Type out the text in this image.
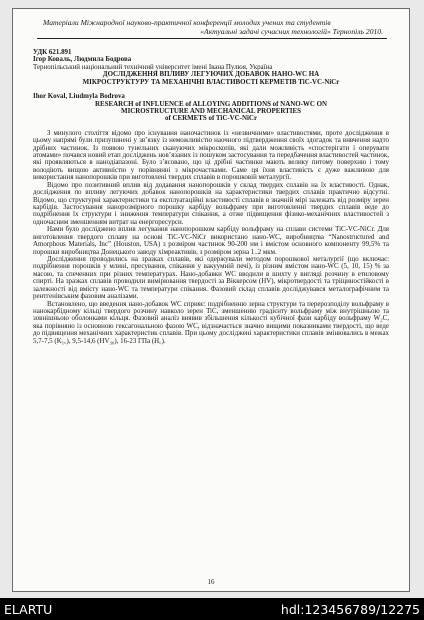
Матеріали Міжнародної науково-практичної конференції молодих учених та студентів
«Актуальні задачі сучасних технологій» Тернопіль 2010.
УДК 621.891
Ігор Коваль, Людмила Бодрова
Тернопільський національний технічний університет імені Івана Пулюя, Україна
ДОСЛІДЖЕННЯ ВПЛИВУ ЛЕГУЮЧИХ ДОБАВОК НАНО-WC НА
МІКРОСТРУКТУРУ ТА МЕХАНІЧНІ ВЛАСТИВОСТІ КЕРМЕТІВ TiC-VC-NiCr
Ihor Koval, Liudmyla Bodrova
RESEARCH of INFLUENCE of ALLOYING ADDITIONS of NANO-WC ON
MICROSTRUCTURE AND MECHANICAL PROPERTIES
of CERMETS of TiC-VC-NiCr

З минулого століття відомо про існування наночастинок із «незвичними» властивостями, проте дослідження в цьому напрямі були призупинені у зв’язку із неможливістю наочного підтвердження своїх здогадок та вивчення надто дрібних частинок. Із появою тунельних скануючих мікроскопів, які дали можливість «спостерігати і оперувати атомами» почався новий етап досліджень нов’язаних із пошуком застосування та передбачення властивостей частинок, які проявляються в нанодіапазоні. Було з’ясовано, що ці дрібні частинки мають велику питому поверхню і тому володіють вищою активністю у порівнянні з мікрочастками. Саме ця їхня властивість є дуже важливою для використання нанопорошків при виготовлені твердих сплавів в порошковій металургії.

Відомо про позитивний вплив від додавання нанопорошків у склад твердих сплавів на їх властивості. Однак, дослідження по впливу легуючих добавок нанопорошків на характеристики твердих сплавів практично відсутні. Відомо, що структурні характеристики та експлуатаційні властивості сплавів в значній мірі залежать від розміру зерен карбідів. Застосування нанорозмірного порошку карбіду вольфраму при виготовленні твердих сплавів веде до подрібнення їх структури і зниження температури спікання, а отже підвищення фізико-механічних властивостей з одночасним зменшенням витрат на енергоресурси.

Нами було досліджено вплив легування нанопорошком карбіду вольфраму на сплави системи TiC-VC-NiCr. Для виготовлення твердого сплаву на основі TiC-VC-NiCr використано нано-WC, виробництва “Nanostructured and Amorphous Materials, Inc” (Houston, USA) з розміром частинок 90-200 нм і вмістом основного компоненту 99,5% та порошки виробництва Донецького заводу хімреактивів, з розміром зерна 1..2 мкм.

Дослідження проводились на зразках сплавів, які одержували методом порошкової металургії (що включає: подрібнення порошків у млині, пресування, спікання у вакуумній печі), із різним вмістом нано-WC (5, 10, 15) % за масою, та спеченних при різних температурах. Нано-добавки WC вводили в шихту у вигляді розчину в етиловому спирті. На зразках сплавів проводили вимірювання твердості за Віккерсом (HV), мікротвердості та тріщиностійкості в залежності від вмісту нано-WC та температури спікання. Фазовий склад сплавів досліджувався металографічним та рентгенівським фазовим аналізами.

Встановлено, що введення нано-добавок WC сприяє: подрібненню зерна структури та перерозподілу вольфраму в нанокарбідному кільці твердого розчину навколо зерен TiC, зменшенню градієнту вольфраму між внутрішньою та зовнішньою оболонками кільця. Фазовий аналіз виявив збільшення кількості кубічної фази карбіду вольфраму W₂C, яка порівняно із основною гексагональною фазою WC, відзначається значно вищими показниками твердості, що веде до підвищення механічних характеристик сплавів. При цьому досліджені характеристики сплавів змінювались в межах 5,7-7,5 (K₁꜀), 9,5-14,6 (HV₃₀), 16-23 ГПа (H꜀).

16
ELARTU	hdl:123456789/12275
